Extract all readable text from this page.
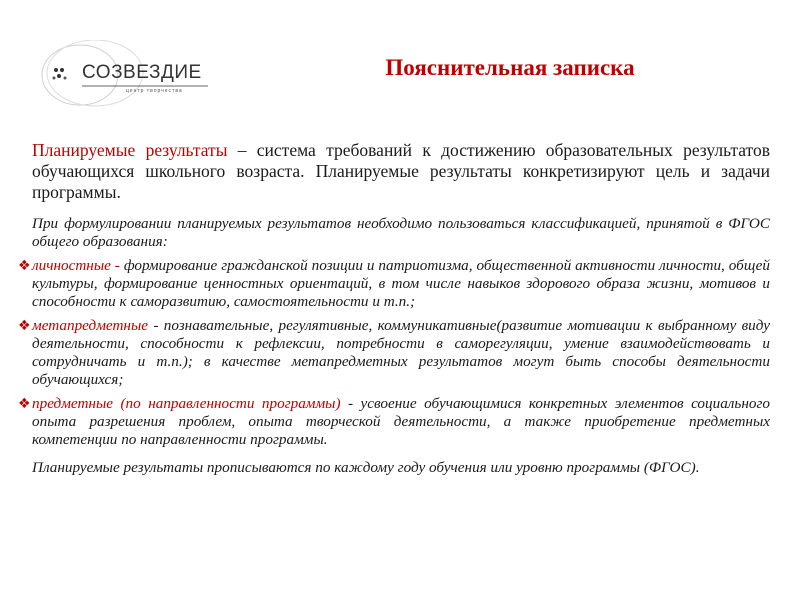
СОЗВЕЗДИЕ
центр творчества
Пояснительная записка

Планируемые результаты – система требований к достижению образовательных результатов обучающихся школьного возраста. Планируемые результаты конкретизируют цель и задачи программы.

При формулировании планируемых результатов необходимо пользоваться классификацией, принятой в ФГОС общего образования:

❖ личностные - формирование гражданской позиции и патриотизма, общественной активности личности, общей культуры, формирование ценностных ориентаций, в том числе навыков здорового образа жизни, мотивов и способности к саморазвитию, самостоятельности и т.п.;

❖ метапредметные - познавательные, регулятивные, коммуникативные(развитие мотивации к выбранному виду деятельности, способности к рефлексии, потребности в саморегуляции, умение взаимодействовать и сотрудничать и т.п.); в качестве метапредметных результатов могут быть способы деятельности обучающихся;

❖ предметные (по направленности программы) - усвоение обучающимися конкретных элементов социального опыта разрешения проблем, опыта творческой деятельности, а также приобретение предметных компетенции по направленности программы.

Планируемые результаты прописываются по каждому году обучения или уровню программы (ФГОС).
